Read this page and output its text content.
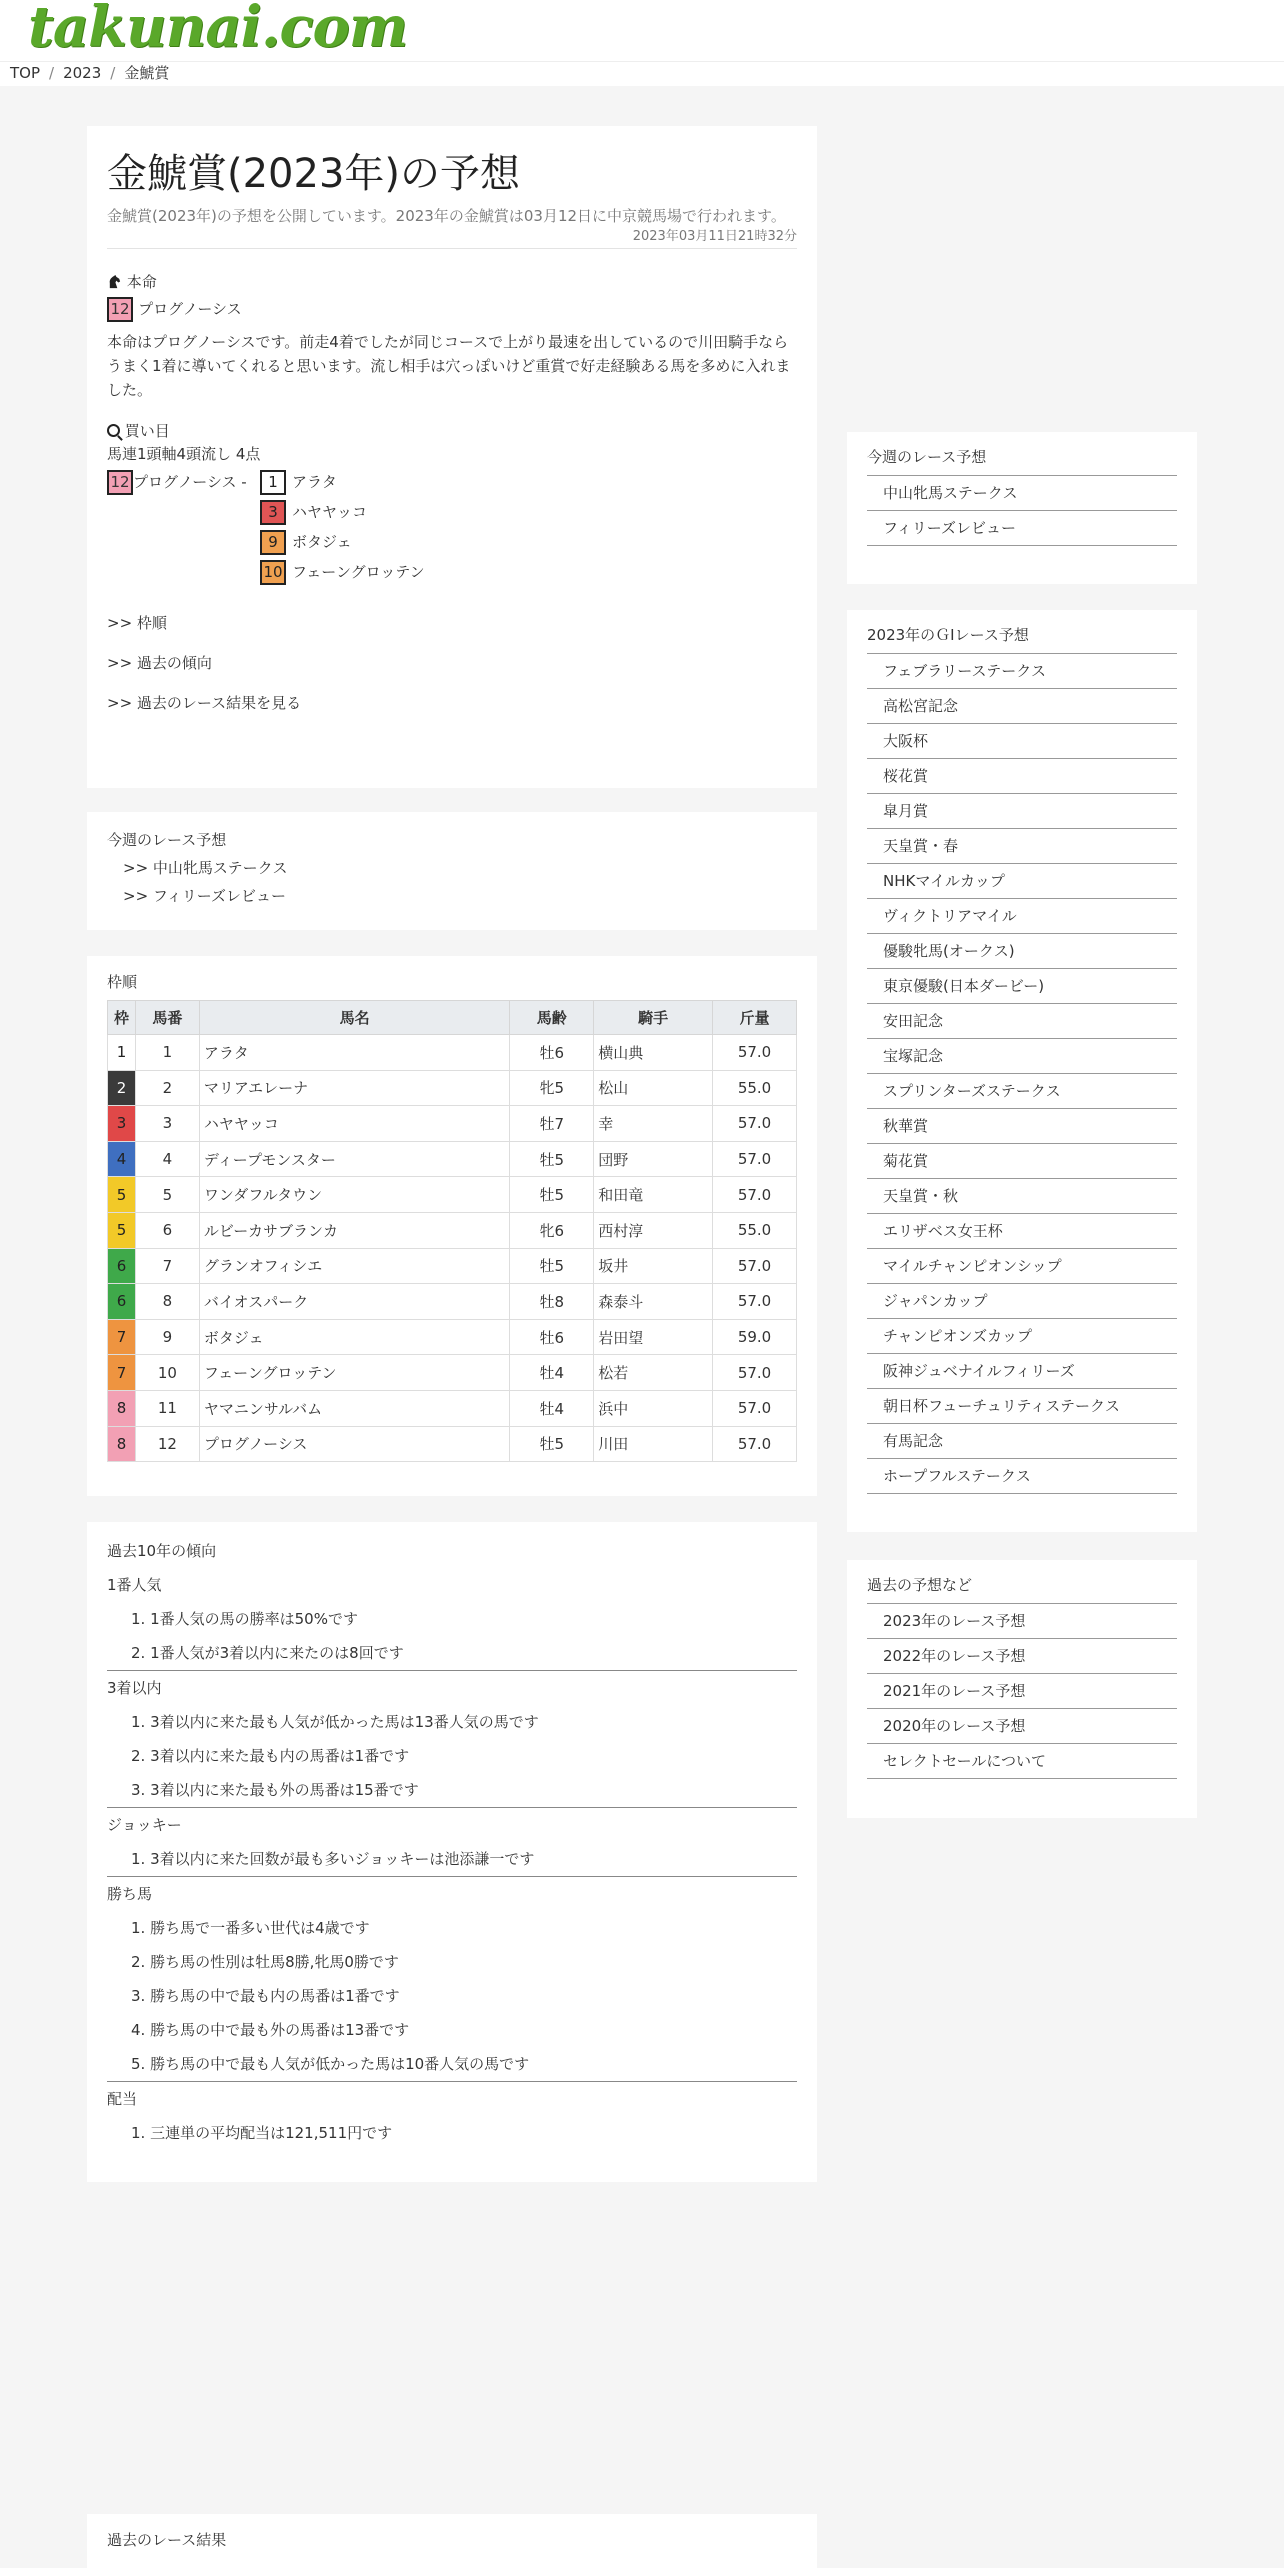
takunai.com
TOP / 2023 / 金鯱賞
金鯱賞(2023年)の予想

金鯱賞(2023年)の予想を公開しています。2023年の金鯱賞は03月12日に中京競馬場で行われます。

2023年03月11日21時32分
本命
12 プログノーシス

本命はプログノーシスです。前走4着でしたが同じコースで上がり最速を出しているので川田騎手ならうまく1着に導いてくれると思います。流し相手は穴っぽいけど重賞で好走経験ある馬を多めに入れました。

買い目
馬連1頭軸4頭流し 4点
12 プログノーシス -	1 アラタ
3 ハヤヤッコ
9 ボタジェ
10 フェーングロッテン
>> 枠順
>> 過去の傾向
>> 過去のレース結果を見る
今週のレース予想
>> 中山牝馬ステークス
>> フィリーズレビュー
枠順
枠	馬番	馬名	馬齢	騎手	斤量
1	1	アラタ	牡6	横山典	57.0
2	2	マリアエレーナ	牝5	松山	55.0
3	3	ハヤヤッコ	牡7	幸	57.0
4	4	ディープモンスター	牡5	団野	57.0
5	5	ワンダフルタウン	牡5	和田竜	57.0
5	6	ルビーカサブランカ	牝6	西村淳	55.0
6	7	グランオフィシエ	牡5	坂井	57.0
6	8	バイオスパーク	牡8	森泰斗	57.0
7	9	ボタジェ	牡6	岩田望	59.0
7	10	フェーングロッテン	牡4	松若	57.0
8	11	ヤマニンサルバム	牡4	浜中	57.0
8	12	プログノーシス	牡5	川田	57.0
過去10年の傾向
1番人気
1. 1番人気の馬の勝率は50%です
2. 1番人気が3着以内に来たのは8回です
3着以内
1. 3着以内に来た最も人気が低かった馬は13番人気の馬です
2. 3着以内に来た最も内の馬番は1番です
3. 3着以内に来た最も外の馬番は15番です
ジョッキー
1. 3着以内に来た回数が最も多いジョッキーは池添謙一です
勝ち馬
1. 勝ち馬で一番多い世代は4歳です
2. 勝ち馬の性別は牡馬8勝,牝馬0勝です
3. 勝ち馬の中で最も内の馬番は1番です
4. 勝ち馬の中で最も外の馬番は13番です
5. 勝ち馬の中で最も人気が低かった馬は10番人気の馬です
配当
1. 三連単の平均配当は121,511円です
過去のレース結果
今週のレース予想
中山牝馬ステークス
フィリーズレビュー
2023年のＧⅠレース予想
フェブラリーステークス
高松宮記念
大阪杯
桜花賞
皐月賞
天皇賞・春
NHKマイルカップ
ヴィクトリアマイル
優駿牝馬(オークス)
東京優駿(日本ダービー)
安田記念
宝塚記念
スプリンターズステークス
秋華賞
菊花賞
天皇賞・秋
エリザベス女王杯
マイルチャンピオンシップ
ジャパンカップ
チャンピオンズカップ
阪神ジュベナイルフィリーズ
朝日杯フューチュリティステークス
有馬記念
ホープフルステークス
過去の予想など
2023年のレース予想
2022年のレース予想
2021年のレース予想
2020年のレース予想
セレクトセールについて
